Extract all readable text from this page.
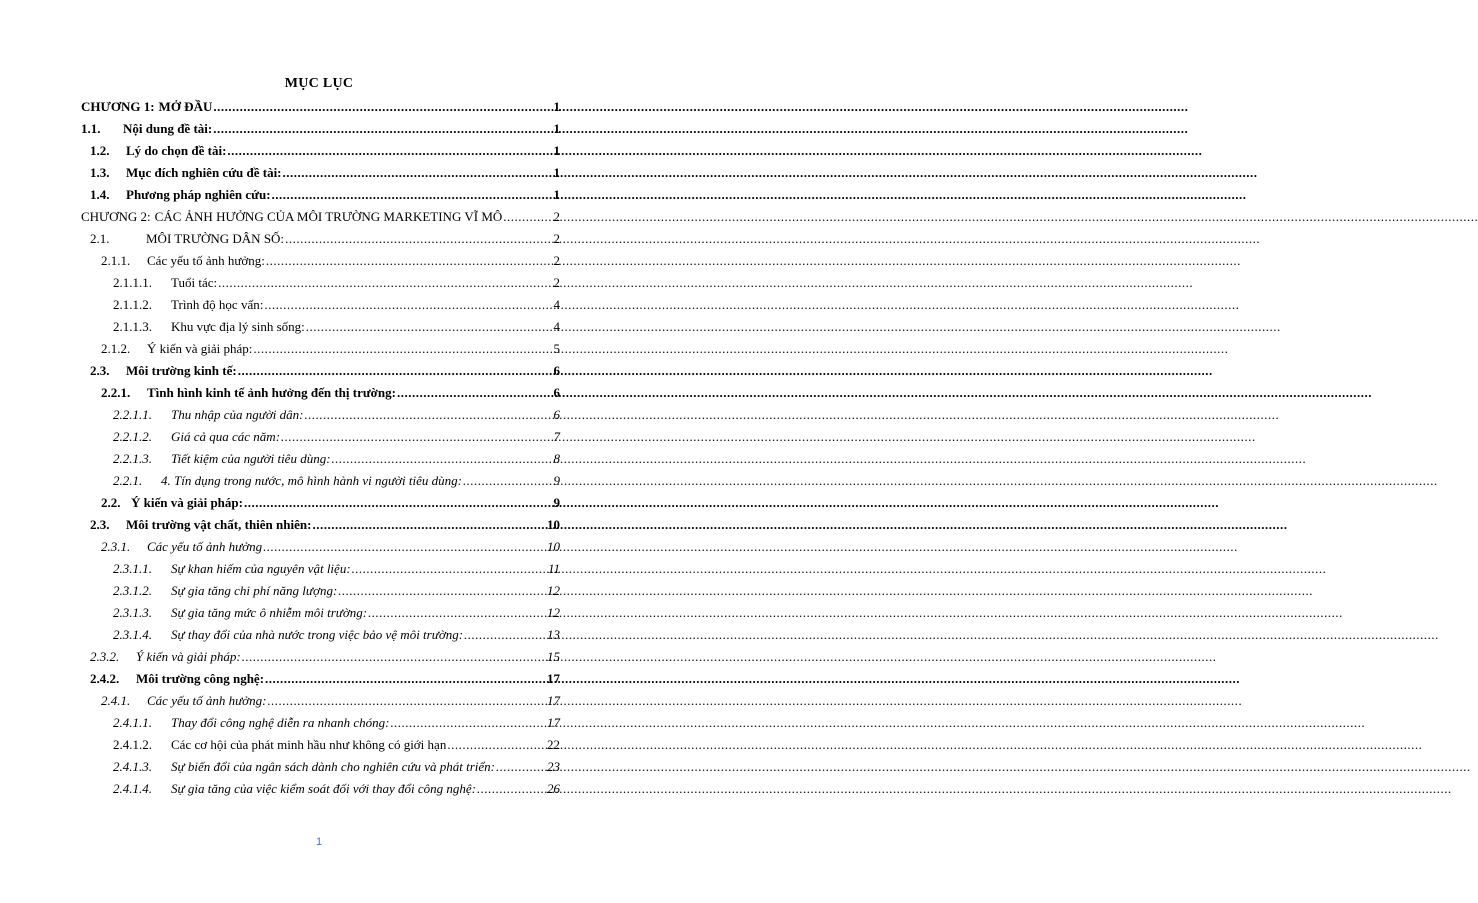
MỤC LỤC
CHƯƠNG 1: MỞ ĐẦU .....	1
1.1.	Nội dung đề tài: .....	1
1.2.	Lý do chọn đề tài: .....	1
1.3.	Mục đích nghiên cứu đề tài: .....	1
1.4.	Phương pháp nghiên cứu: .....	1
CHƯƠNG 2: CÁC ẢNH HƯỞNG CỦA MÔI TRƯỜNG MARKETING VĨ MÔ .....	2
2.1.	MÔI TRƯỜNG DÂN SỐ: .....	2
2.1.1.	Các yếu tố ảnh hưởng: .....	2
2.1.1.1.	Tuổi tác: .....	2
2.1.1.2.	Trình độ học vấn: .....	4
2.1.1.3.	Khu vực địa lý sinh sống: .....	4
2.1.2.	Ý kiến và giải pháp: .....	5
2.3.	Môi trường kinh tế: .....	6
2.2.1.	Tình hình kinh tế ảnh hưởng đến thị trường: .....	6
2.2.1.1.	Thu nhập của người dân: .....	6
2.2.1.2.	Giá cả qua các năm: .....	7
2.2.1.3.	Tiết kiệm của người tiêu dùng: .....	8
2.2.1.	4. Tín dụng trong nước, mô hình hành vi người tiêu dùng: .....	9
2.2. Ý kiến và giải pháp: .....	9
2.3.	Môi trường vật chất, thiên nhiên: .....	10
2.3.1.	Các yếu tố ảnh hưởng .....	10
2.3.1.1.	Sự khan hiếm của nguyên vật liệu: .....	11
2.3.1.2.	Sự gia tăng chi phí năng lượng: .....	12
2.3.1.3.	Sự gia tăng mức ô nhiễm môi trường: .....	12
2.3.1.4.	Sự thay đổi của nhà nước trong việc bảo vệ môi trường: .....	13
2.3.2.	Ý kiến và giải pháp: .....	15
2.4.2.	Môi trường công nghệ: .....	17
2.4.1.	Các yếu tố ảnh hưởng: .....	17
2.4.1.1.	Thay đổi công nghệ diễn ra nhanh chóng: .....	17
2.4.1.2.	Các cơ hội của phát minh hầu như không có giới hạn .....	22
2.4.1.3.	Sự biến đổi của ngân sách dành cho nghiên cứu và phát triển: .....	23
2.4.1.4.	Sự gia tăng của việc kiểm soát đối với thay đổi công nghệ: .....	26
1
